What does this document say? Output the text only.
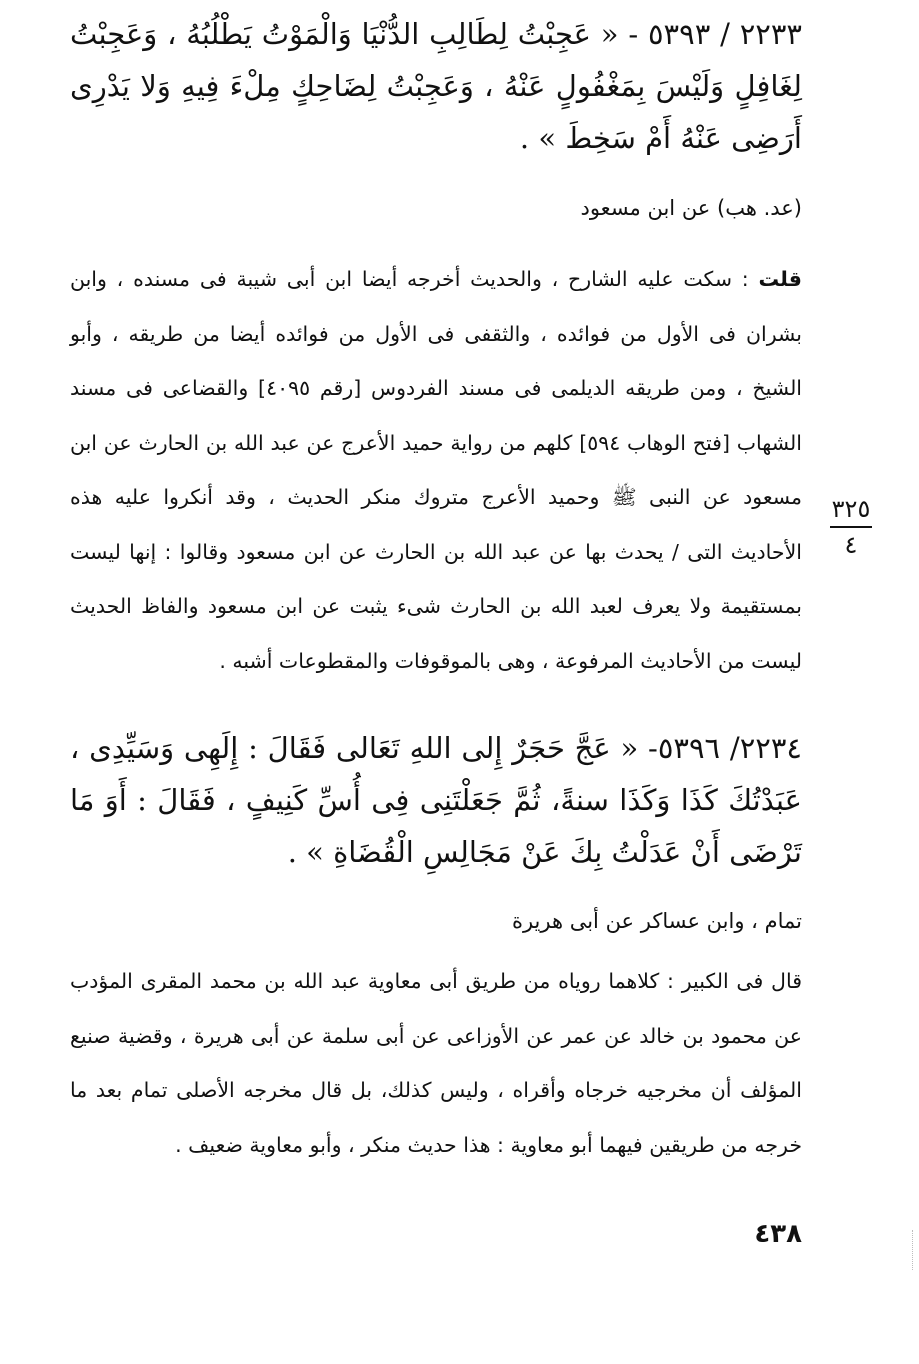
٢٢٣٣ / ٥٣٩٣ - « عَجِبْتُ لِطَالِبِ الدُّنْيَا وَالْمَوْتُ يَطْلُبُهُ ، وَعَجِبْتُ لِغَافِلٍ وَلَيْسَ بِمَغْفُولٍ عَنْهُ ، وَعَجِبْتُ لِضَاحِكٍ مِلْءَ فِيهِ وَلا يَدْرِى أَرَضِى عَنْهُ أَمْ سَخِطَ » .

(عد. هب) عن ابن مسعود

قلت : سكت عليه الشارح ، والحديث أخرجه أيضا ابن أبى شيبة فى مسنده ، وابن بشران فى الأول من فوائده ، والثقفى فى الأول من فوائده أيضا من طريقه ، وأبو الشيخ ، ومن طريقه الديلمى فى مسند الفردوس [رقم ٤٠٩٥] والقضاعى فى مسند الشهاب [فتح الوهاب ٥٩٤] كلهم من رواية حميد الأعرج عن عبد الله بن الحارث عن ابن مسعود عن النبى ﷺ وحميد الأعرج متروك منكر الحديث ، وقد أنكروا عليه هذه الأحاديث التى / يحدث بها عن عبد الله بن الحارث عن ابن مسعود وقالوا : إنها ليست بمستقيمة ولا يعرف لعبد الله بن الحارث شىء يثبت عن ابن مسعود والفاظ الحديث ليست من الأحاديث المرفوعة ، وهى بالموقوفات والمقطوعات أشبه .

٢٢٣٤/ ٥٣٩٦- « عَجَّ حَجَرٌ إِلى اللهِ تَعَالى فَقَالَ : إِلَهِى وَسَيِّدِى ، عَبَدْتُكَ كَذَا وَكَذَا سنةً، ثُمَّ جَعَلْتَنِى فِى أُسِّ كَنِيفٍ ، فَقَالَ : أَوَ مَا تَرْضَى أَنْ عَدَلْتُ بِكَ عَنْ مَجَالِسِ الْقُضَاةِ » .

تمام ، وابن عساكر عن أبى هريرة

قال فى الكبير : كلاهما روياه من طريق أبى معاوية عبد الله بن محمد المقرى المؤدب عن محمود بن خالد عن عمر عن الأوزاعى عن أبى سلمة عن أبى هريرة ، وقضية صنيع المؤلف أن مخرجيه خرجاه وأقراه ، وليس كذلك، بل قال مخرجه الأصلى تمام بعد ما خرجه من طريقين فيهما أبو معاوية : هذا حديث منكر ، وأبو معاوية ضعيف .

٣٢٥
٤
٤٣٨
